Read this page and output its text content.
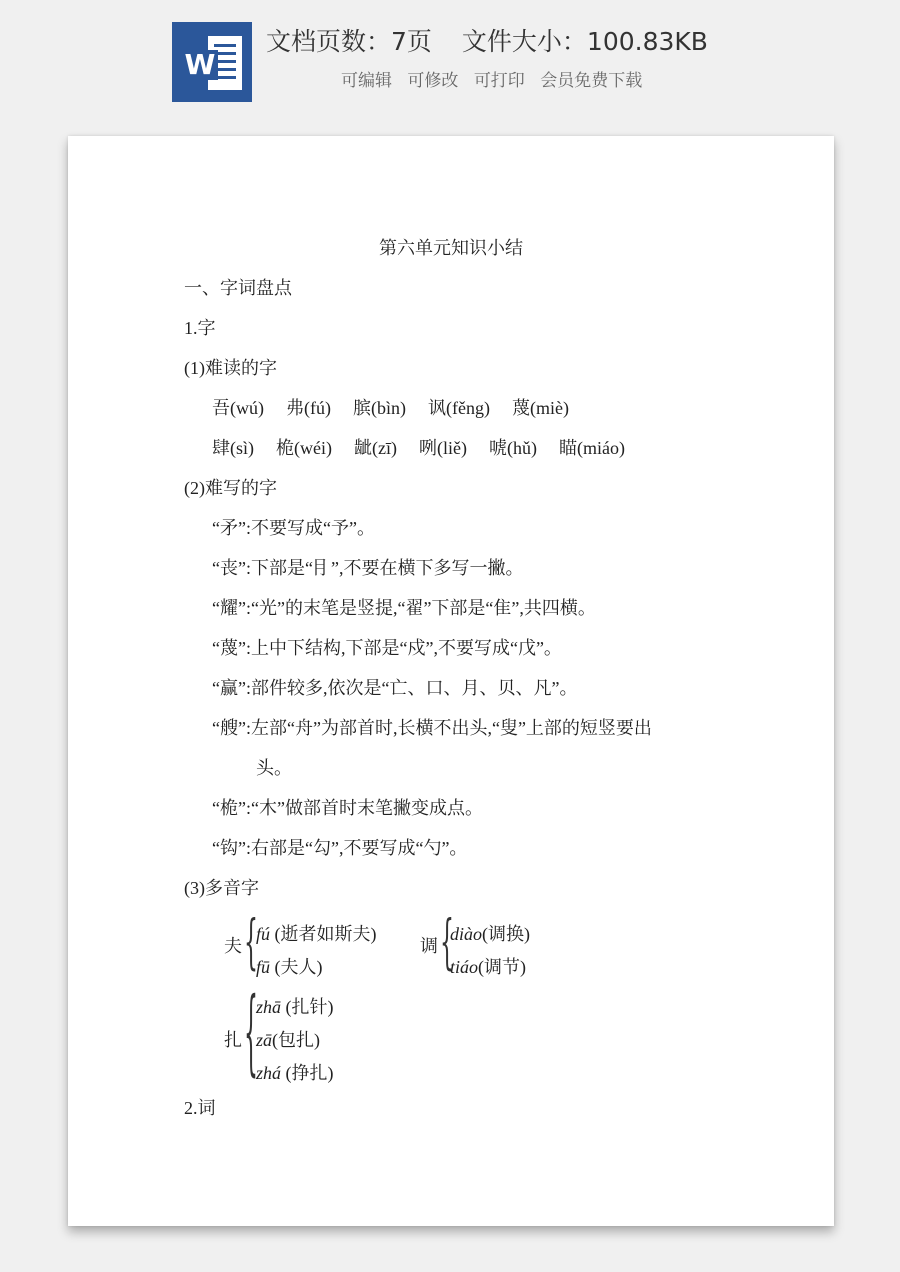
W
文档页数：7页 文件大小：100.83KB
可编辑 可修改 可打印 会员免费下载
第六单元知识小结
一、字词盘点
1.字
(1)难读的字
吾(wú) 弗(fú) 膑(bìn) 讽(fěng) 蔑(miè)
肆(sì) 桅(wéi) 龇(zī) 咧(liě) 唬(hǔ) 瞄(miáo)
(2)难写的字
“矛”:不要写成“予”。
“丧”:下部是“⺝”,不要在横下多写一撇。
“耀”:“光”的末笔是竖提,“翟”下部是“隹”,共四横。
“蔑”:上中下结构,下部是“戍”,不要写成“戊”。
“赢”:部件较多,依次是“亡、口、月、贝、凡”。
“艘”:左部“舟”为部首时,长横不出头,“叟”上部的短竖要出
头。
“桅”:“木”做部首时末笔撇变成点。
“钩”:右部是“勾”,不要写成“勺”。
(3)多音字
夫 {
fú (逝者如斯夫)
fū (夫人)
调 {
diào(调换)
tiáo(调节)
扎 {
zhā (扎针)
zā(包扎)
zhá (挣扎)
2.词
